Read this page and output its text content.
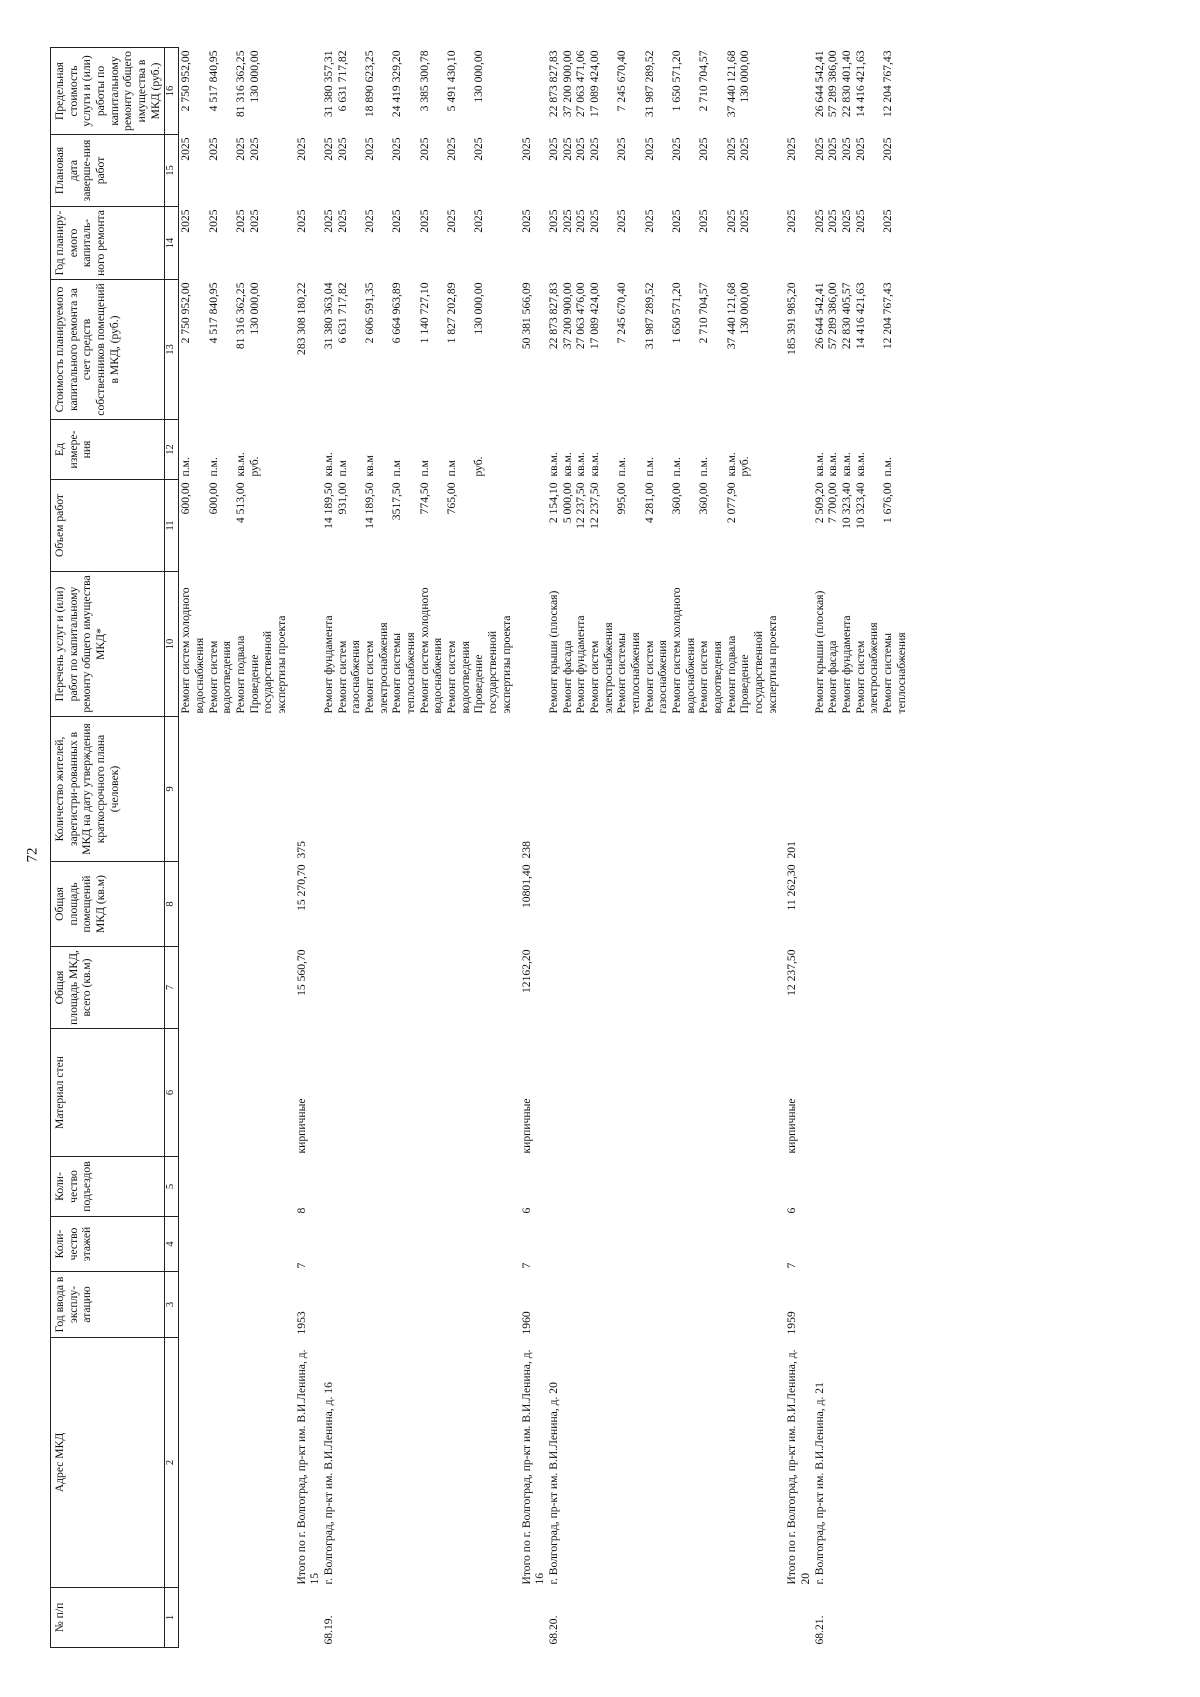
72
№ п/п	Адрес МКД	Год ввода в эксплу-атацию	Коли-чество этажей	Коли-чество подъездов	Материал стен	Общая площадь МКД, всего (кв.м)	Общая площадь помещений МКД (кв.м)	Количество жителей, зарегистри-рованных в МКД на дату утверждения краткосрочного плана (человек)	Перечень услуг и (или) работ по капитальному ремонту общего имущества МКД*	Объем работ	Ед измере-ния	Стоимость планируемого капитального ремонта за счет средств собственников помещений в МКД, (руб.)	Год планиру-емого капиталь-ного ремонта	Плановая дата заверше-ния работ	Предельная стоимость услуги и (или) работы по капитальному ремонту общего имущества в МКД (руб.)
1	2	3	4	5	6	7	8	9	10	11	12	13	14	15	16
									Ремонт систем холодного водоснабжения	600,00	п.м.	2 750 952,00	2025	2025	2 750 952,00
									Ремонт систем водоотведения	600,00	п.м.	4 517 840,95	2025	2025	4 517 840,95
									Ремонт подвала	4 513,00	кв.м.	81 316 362,25	2025	2025	81 316 362,25
									Проведение государственной экспертизы проекта		руб.	130 000,00	2025	2025	130 000,00
	Итого по г. Волгоград, пр-кт им. В.И.Ленина, д. 15	1953	7	8	кирпичные	15 560,70	15 270,70	375				283 308 180,22	2025	2025	
68.19.	г. Волгоград, пр-кт им. В.И.Ленина, д. 16								Ремонт фундамента	14 189,50	кв.м.	31 380 363,04	2025	2025	31 380 357,31
									Ремонт систем газоснабжения	931,00	п.м	6 631 717,82	2025	2025	6 631 717,82
									Ремонт систем электроснабжения	14 189,50	кв.м	2 606 591,35	2025	2025	18 890 623,25
									Ремонт системы теплоснабжения	3517,50	п.м	6 664 963,89	2025	2025	24 419 329,20
									Ремонт систем холодного водоснабжения	774,50	п.м	1 140 727,10	2025	2025	3 385 300,78
									Ремонт систем водоотведения	765,00	п.м	1 827 202,89	2025	2025	5 491 430,10
									Проведение государственной экспертизы проекта		руб.	130 000,00	2025	2025	130 000,00
	Итого по г. Волгоград, пр-кт им. В.И.Ленина, д. 16	1960	7	6	кирпичные	12162,20	10801,40	238				50 381 566,09	2025	2025	
68.20.	г. Волгоград, пр-кт им. В.И.Ленина, д. 20								Ремонт крыши (плоская)	2 154,10	кв.м.	22 873 827,83	2025	2025	22 873 827,83
									Ремонт фасада	5 000,00	кв.м.	37 200 900,00	2025	2025	37 200 900,00
									Ремонт фундамента	12 237,50	кв.м.	27 063 476,00	2025	2025	27 063 471,06
									Ремонт систем электроснабжения	12 237,50	кв.м.	17 089 424,00	2025	2025	17 089 424,00
									Ремонт системы теплоснабжения	995,00	п.м.	7 245 670,40	2025	2025	7 245 670,40
									Ремонт систем газоснабжения	4 281,00	п.м.	31 987 289,52	2025	2025	31 987 289,52
									Ремонт систем холодного водоснабжения	360,00	п.м.	1 650 571,20	2025	2025	1 650 571,20
									Ремонт систем водоотведения	360,00	п.м.	2 710 704,57	2025	2025	2 710 704,57
									Ремонт подвала	2 077,90	кв.м.	37 440 121,68	2025	2025	37 440 121,68
									Проведение государственной экспертизы проекта		руб.	130 000,00	2025	2025	130 000,00
	Итого по г. Волгоград, пр-кт им. В.И.Ленина, д. 20	1959	7	6	кирпичные	12 237,50	11 262,30	201				185 391 985,20	2025	2025	
68.21.	г. Волгоград, пр-кт им. В.И.Ленина, д. 21								Ремонт крыши (плоская)	2 509,20	кв.м.	26 644 542,41	2025	2025	26 644 542,41
									Ремонт фасада	7 700,00	кв.м.	57 289 386,00	2025	2025	57 289 386,00
									Ремонт фундамента	10 323,40	кв.м.	22 830 405,57	2025	2025	22 830 401,40
									Ремонт систем электроснабжения	10 323,40	кв.м.	14 416 421,63	2025	2025	14 416 421,63
									Ремонт системы теплоснабжения	1 676,00	п.м.	12 204 767,43	2025	2025	12 204 767,43
